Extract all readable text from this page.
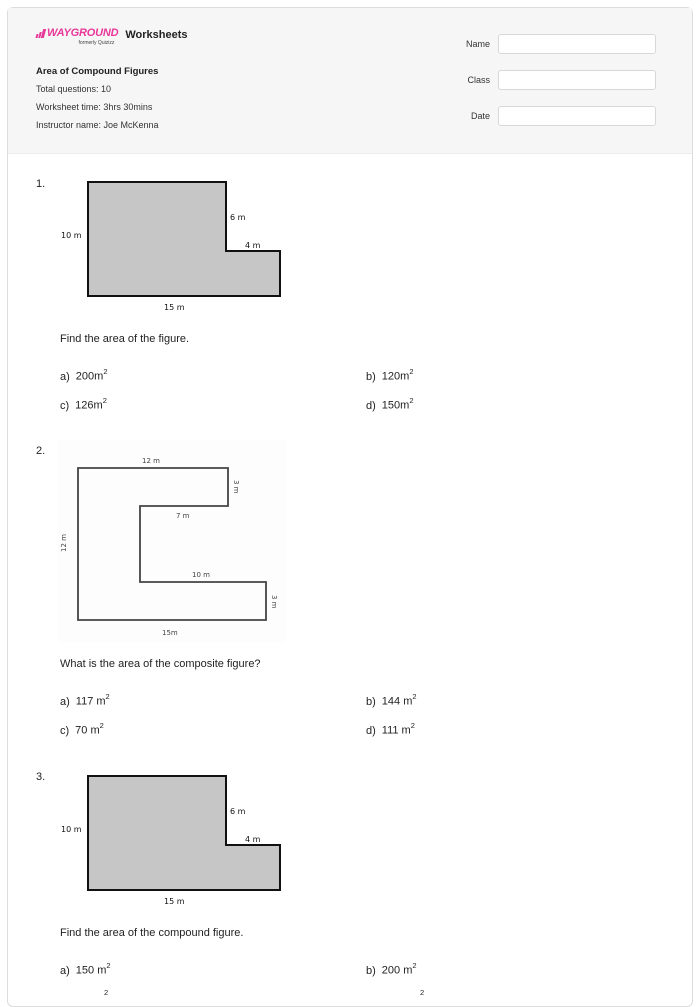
WAYGROUND
formerly Quizizz
Worksheets
Area of Compound Figures
Total questions: 10
Worksheet time: 3hrs 30mins
Instructor name: Joe McKenna
Name
Class
Date
1.
10 m
6 m
4 m
15 m
Find the area of the figure.
a) $200m^2$	b) $120m^2$
c) $126m^2$	d) $150m^2$
2.
12 m
3 m
7 m
12 m
10 m
3 m
15m
What is the area of the composite figure?
a) 117 $m^2$	b) 144 $m^2$
c) 70 $m^2$	d) 111 $m^2$
3.
10 m
6 m
4 m
15 m
Find the area of the compound figure.
a) 150 $m^2$	b) 200 $m^2$
$^2$	$^2$
